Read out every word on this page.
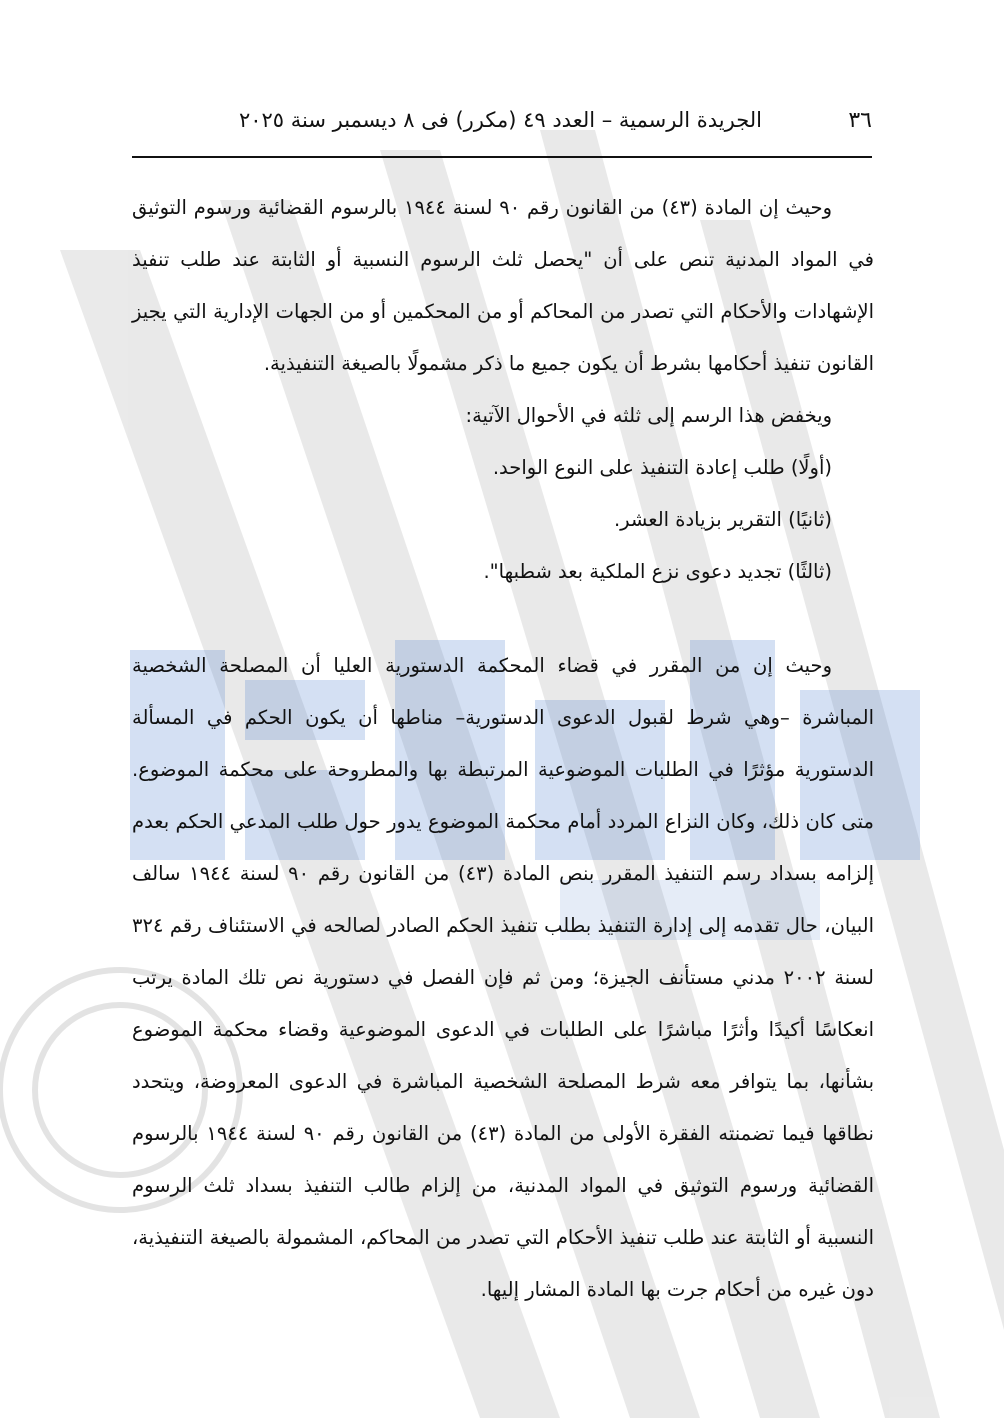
٣٦
الجريدة الرسمية – العدد ٤٩ (مكرر) فى ٨ ديسمبر سنة ٢٠٢٥

وحيث إن المادة (٤٣) من القانون رقم ٩٠ لسنة ١٩٤٤ بالرسوم القضائية ورسوم التوثيق في المواد المدنية تنص على أن "يحصل ثلث الرسوم النسبية أو الثابتة عند طلب تنفيذ الإشهادات والأحكام التي تصدر من المحاكم أو من المحكمين أو من الجهات الإدارية التي يجيز القانون تنفيذ أحكامها بشرط أن يكون جميع ما ذكر مشمولًا بالصيغة التنفيذية.

ويخفض هذا الرسم إلى ثلثه في الأحوال الآتية:

(أولًا) طلب إعادة التنفيذ على النوع الواحد.

(ثانيًا) التقرير بزيادة العشر.

(ثالثًا) تجديد دعوى نزع الملكية بعد شطبها".

وحيث إن من المقرر في قضاء المحكمة الدستورية العليا أن المصلحة الشخصية المباشرة –وهي شرط لقبول الدعوى الدستورية– مناطها أن يكون الحكم في المسألة الدستورية مؤثرًا في الطلبات الموضوعية المرتبطة بها والمطروحة على محكمة الموضوع. متى كان ذلك، وكان النزاع المردد أمام محكمة الموضوع يدور حول طلب المدعي الحكم بعدم إلزامه بسداد رسم التنفيذ المقرر بنص المادة (٤٣) من القانون رقم ٩٠ لسنة ١٩٤٤ سالف البيان، حال تقدمه إلى إدارة التنفيذ بطلب تنفيذ الحكم الصادر لصالحه في الاستئناف رقم ٣٢٤ لسنة ٢٠٠٢ مدني مستأنف الجيزة؛ ومن ثم فإن الفصل في دستورية نص تلك المادة يرتب انعكاسًا أكيدًا وأثرًا مباشرًا على الطلبات في الدعوى الموضوعية وقضاء محكمة الموضوع بشأنها، بما يتوافر معه شرط المصلحة الشخصية المباشرة في الدعوى المعروضة، ويتحدد نطاقها فيما تضمنته الفقرة الأولى من المادة (٤٣) من القانون رقم ٩٠ لسنة ١٩٤٤ بالرسوم القضائية ورسوم التوثيق في المواد المدنية، من إلزام طالب التنفيذ بسداد ثلث الرسوم النسبية أو الثابتة عند طلب تنفيذ الأحكام التي تصدر من المحاكم، المشمولة بالصيغة التنفيذية، دون غيره من أحكام جرت بها المادة المشار إليها.
